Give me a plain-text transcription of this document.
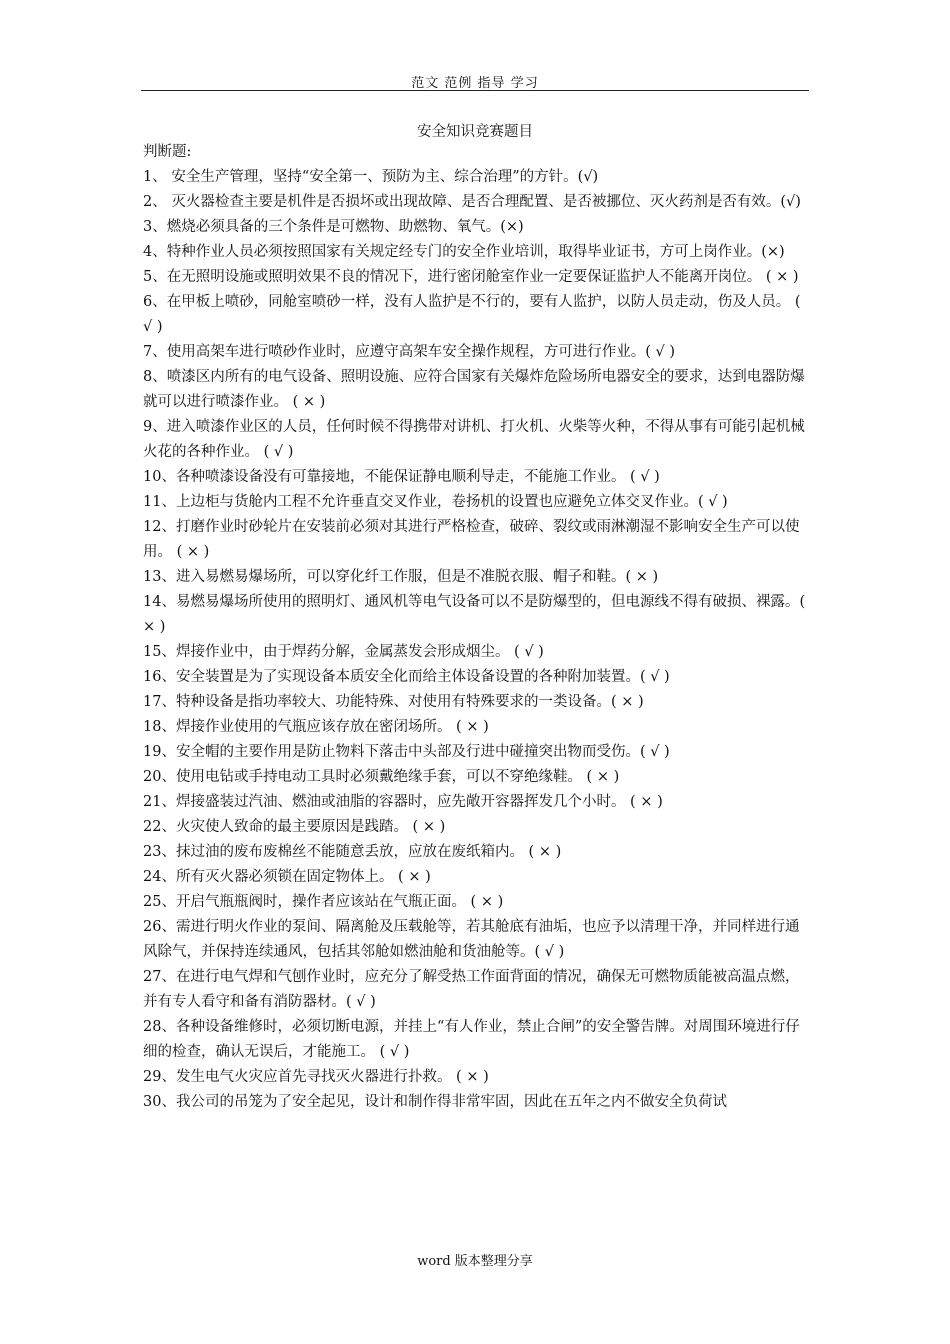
范文 范例 指导 学习
安全知识竞赛题目
判断题:

1、 安全生产管理，坚持“安全第一、预防为主、综合治理”的方针。(√)

2、 灭火器检查主要是机件是否损坏或出现故障、是否合理配置、是否被挪位、灭火药剂是否有效。(√)

3、燃烧必须具备的三个条件是可燃物、助燃物、氧气。(×)

4、特种作业人员必须按照国家有关规定经专门的安全作业培训，取得毕业证书，方可上岗作业。(×)

5、在无照明设施或照明效果不良的情况下，进行密闭舱室作业一定要保证监护人不能离开岗位。 ( × )

6、在甲板上喷砂，同舱室喷砂一样，没有人监护是不行的，要有人监护，以防人员走动，伤及人员。 ( √ )

7、使用高架车进行喷砂作业时，应遵守高架车安全操作规程，方可进行作业。( √ )

8、喷漆区内所有的电气设备、照明设施、应符合国家有关爆炸危险场所电器安全的要求，达到电器防爆就可以进行喷漆作业。 ( × )

9、进入喷漆作业区的人员，任何时候不得携带对讲机、打火机、火柴等火种，不得从事有可能引起机械火花的各种作业。 ( √ )

10、各种喷漆设备没有可靠接地，不能保证静电顺利导走，不能施工作业。 ( √ )

11、上边柜与货舱内工程不允许垂直交叉作业，卷扬机的设置也应避免立体交叉作业。( √ )

12、打磨作业时砂轮片在安装前必须对其进行严格检查，破碎、裂纹或雨淋潮湿不影响安全生产可以使用。 ( × )

13、进入易燃易爆场所，可以穿化纤工作服，但是不准脱衣服、帽子和鞋。( × )

14、易燃易爆场所使用的照明灯、通风机等电气设备可以不是防爆型的，但电源线不得有破损、裸露。( × )

15、焊接作业中，由于焊药分解，金属蒸发会形成烟尘。 ( √ )

16、安全装置是为了实现设备本质安全化而给主体设备设置的各种附加装置。( √ )

17、特种设备是指功率较大、功能特殊、对使用有特殊要求的一类设备。( × )

18、焊接作业使用的气瓶应该存放在密闭场所。 ( × )

19、安全帽的主要作用是防止物料下落击中头部及行进中碰撞突出物而受伤。( √ )

20、使用电钻或手持电动工具时必须戴绝缘手套，可以不穿绝缘鞋。 ( × )

21、焊接盛装过汽油、燃油或油脂的容器时，应先敞开容器挥发几个小时。 ( × )

22、火灾使人致命的最主要原因是践踏。 ( × )

23、抹过油的废布废棉丝不能随意丢放，应放在废纸箱内。 ( × )

24、所有灭火器必须锁在固定物体上。 ( × )

25、开启气瓶瓶阀时，操作者应该站在气瓶正面。 ( × )

26、需进行明火作业的泵间、隔离舱及压载舱等，若其舱底有油垢，也应予以清理干净，并同样进行通风除气，并保持连续通风，包括其邻舱如燃油舱和货油舱等。( √ )

27、在进行电气焊和气刨作业时，应充分了解受热工作面背面的情况，确保无可燃物质能被高温点燃，并有专人看守和备有消防器材。( √ )

28、各种设备维修时，必须切断电源，并挂上“有人作业，禁止合闸”的安全警告牌。对周围环境进行仔细的检查，确认无误后，才能施工。 ( √ )

29、发生电气火灾应首先寻找灭火器进行扑救。 ( × )

30、我公司的吊笼为了安全起见，设计和制作得非常牢固，因此在五年之内不做安全负荷试

word 版本整理分享
